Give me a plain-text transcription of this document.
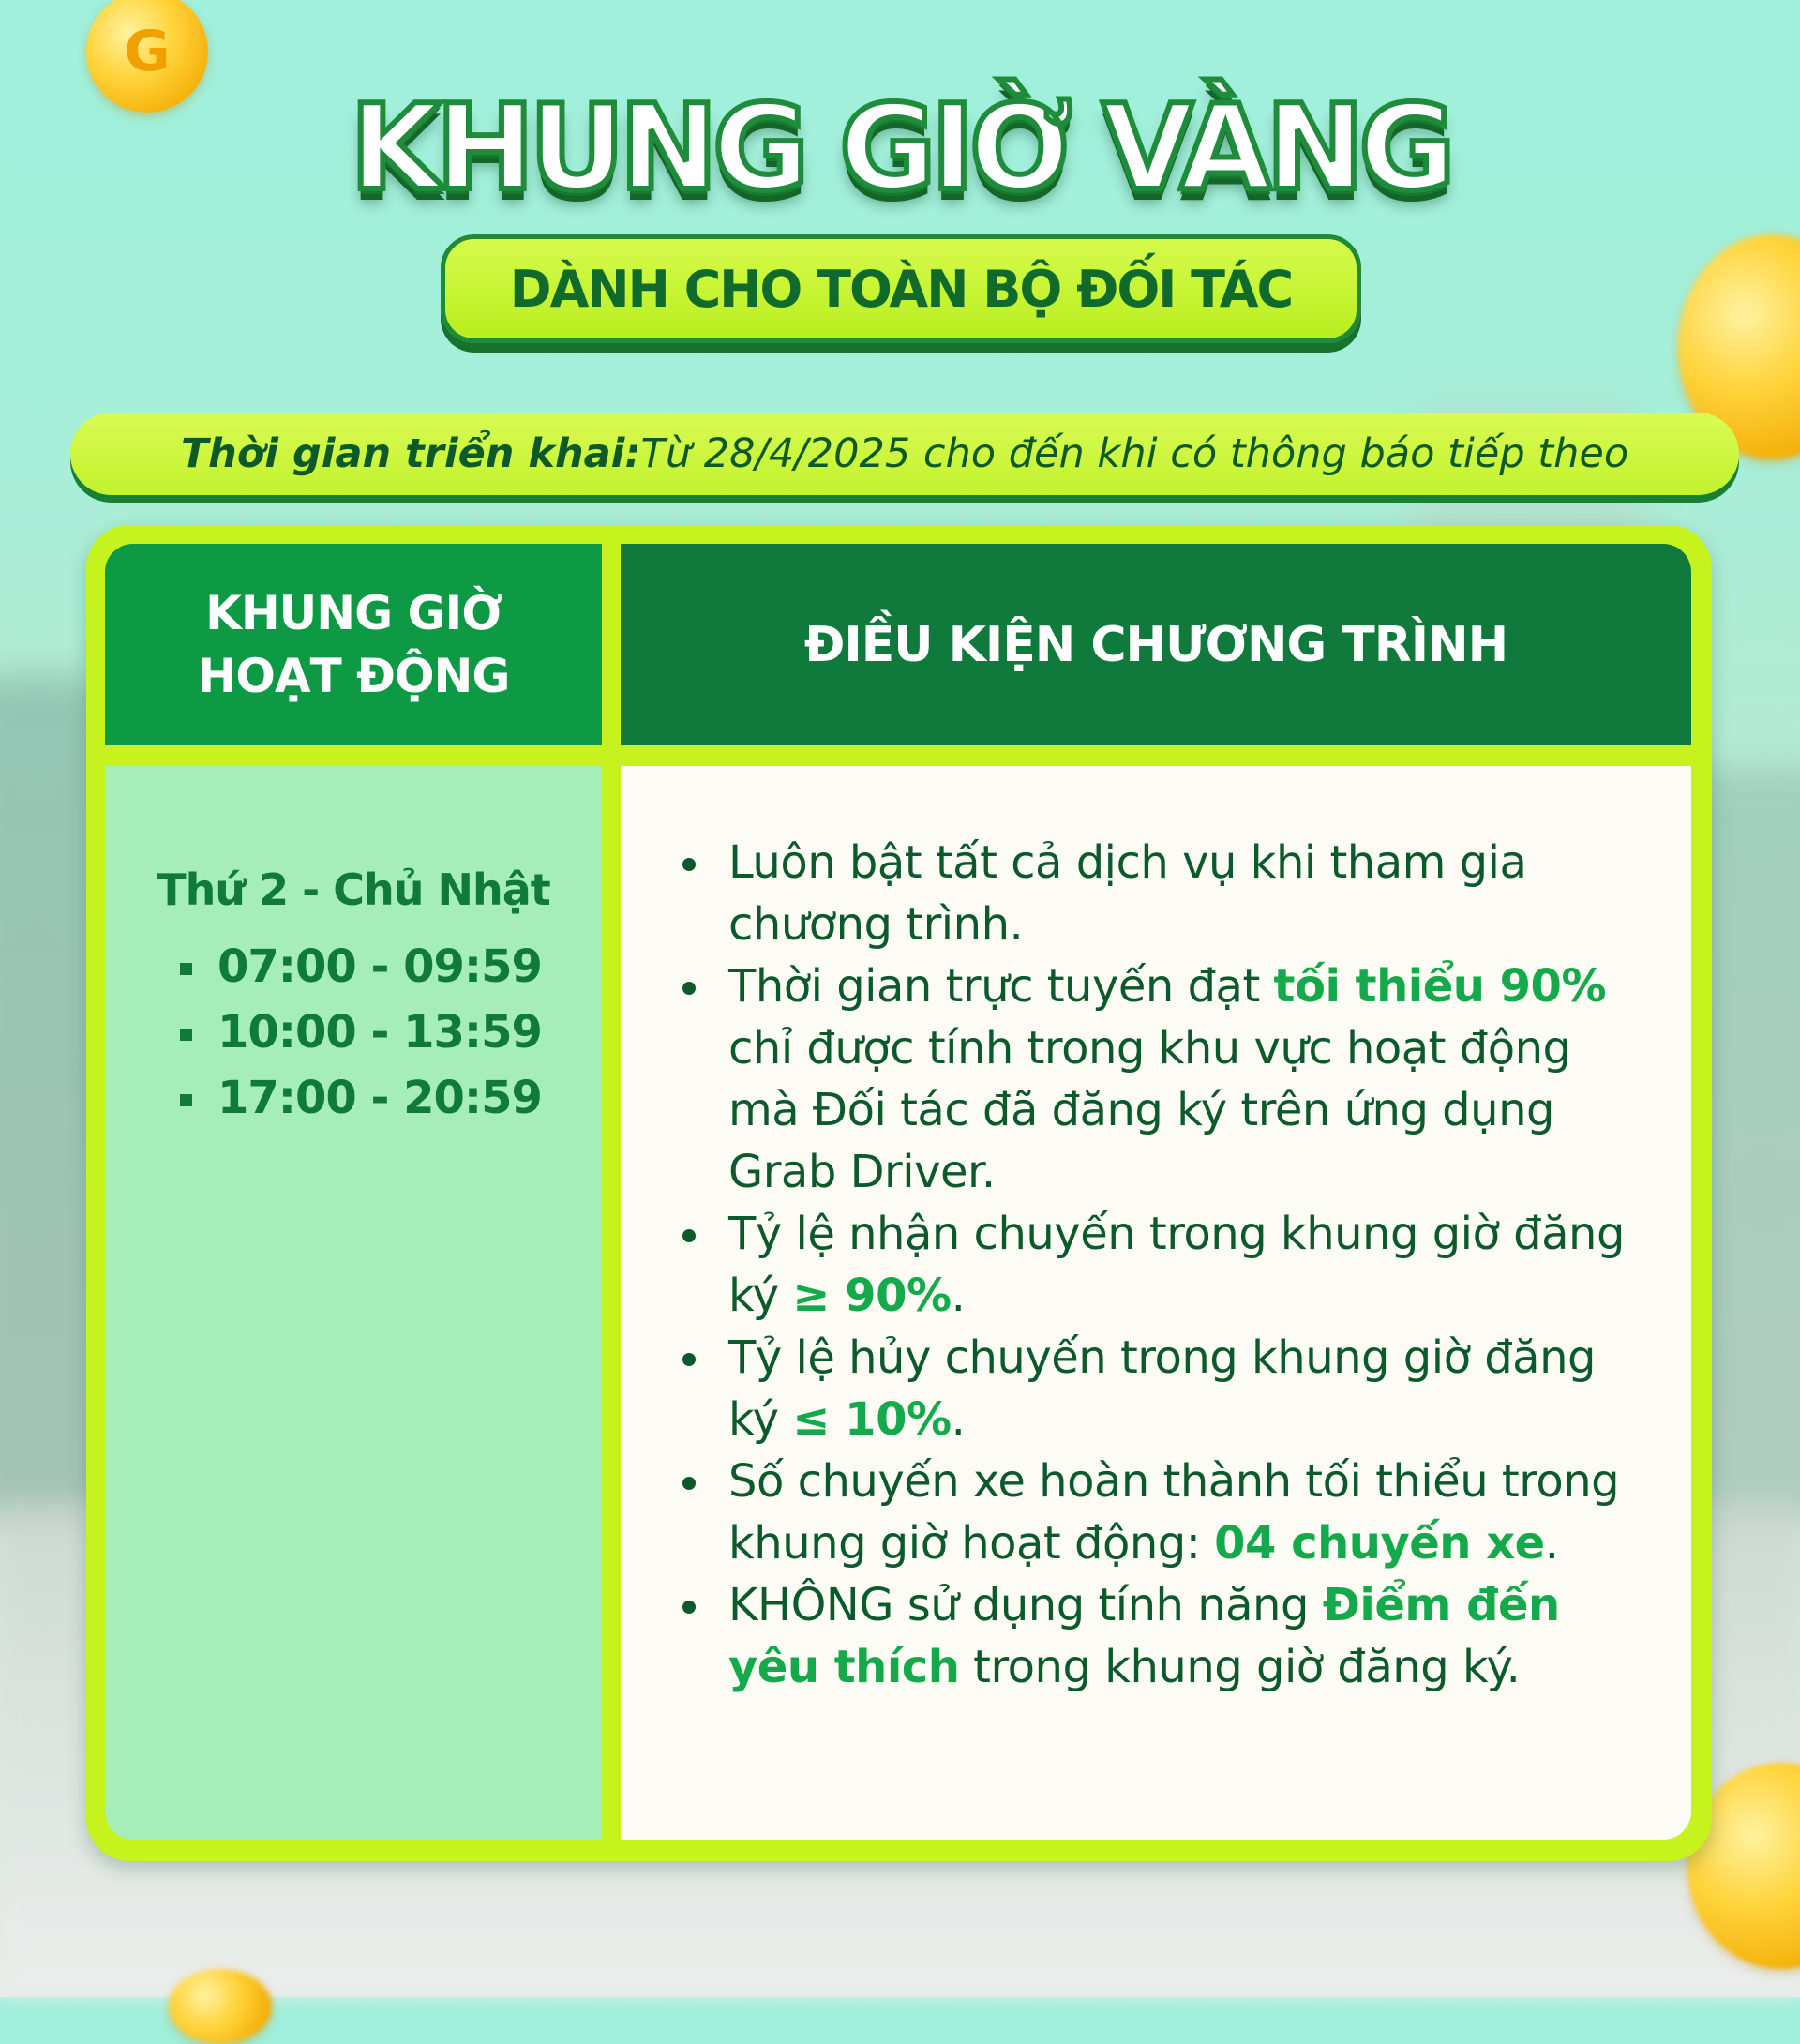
G
KHUNG GIỜ VÀNG
DÀNH CHO TOÀN BỘ ĐỐI TÁC
Thời gian triển khai: Từ 28/4/2025 cho đến khi có thông báo tiếp theo
KHUNG GIỜ
HOẠT ĐỘNG
ĐIỀU KIỆN CHƯƠNG TRÌNH
Thứ 2 - Chủ Nhật
07:00 - 09:59
10:00 - 13:59
17:00 - 20:59
Luôn bật tất cả dịch vụ khi tham gia chương trình.
Thời gian trực tuyến đạt tối thiểu 90% chỉ được tính trong khu vực hoạt động mà Đối tác đã đăng ký trên ứng dụng Grab Driver.
Tỷ lệ nhận chuyến trong khung giờ đăng ký ≥ 90%.
Tỷ lệ hủy chuyến trong khung giờ đăng ký ≤ 10%.
Số chuyến xe hoàn thành tối thiểu trong khung giờ hoạt động: 04 chuyến xe.
KHÔNG sử dụng tính năng Điểm đến yêu thích trong khung giờ đăng ký.
